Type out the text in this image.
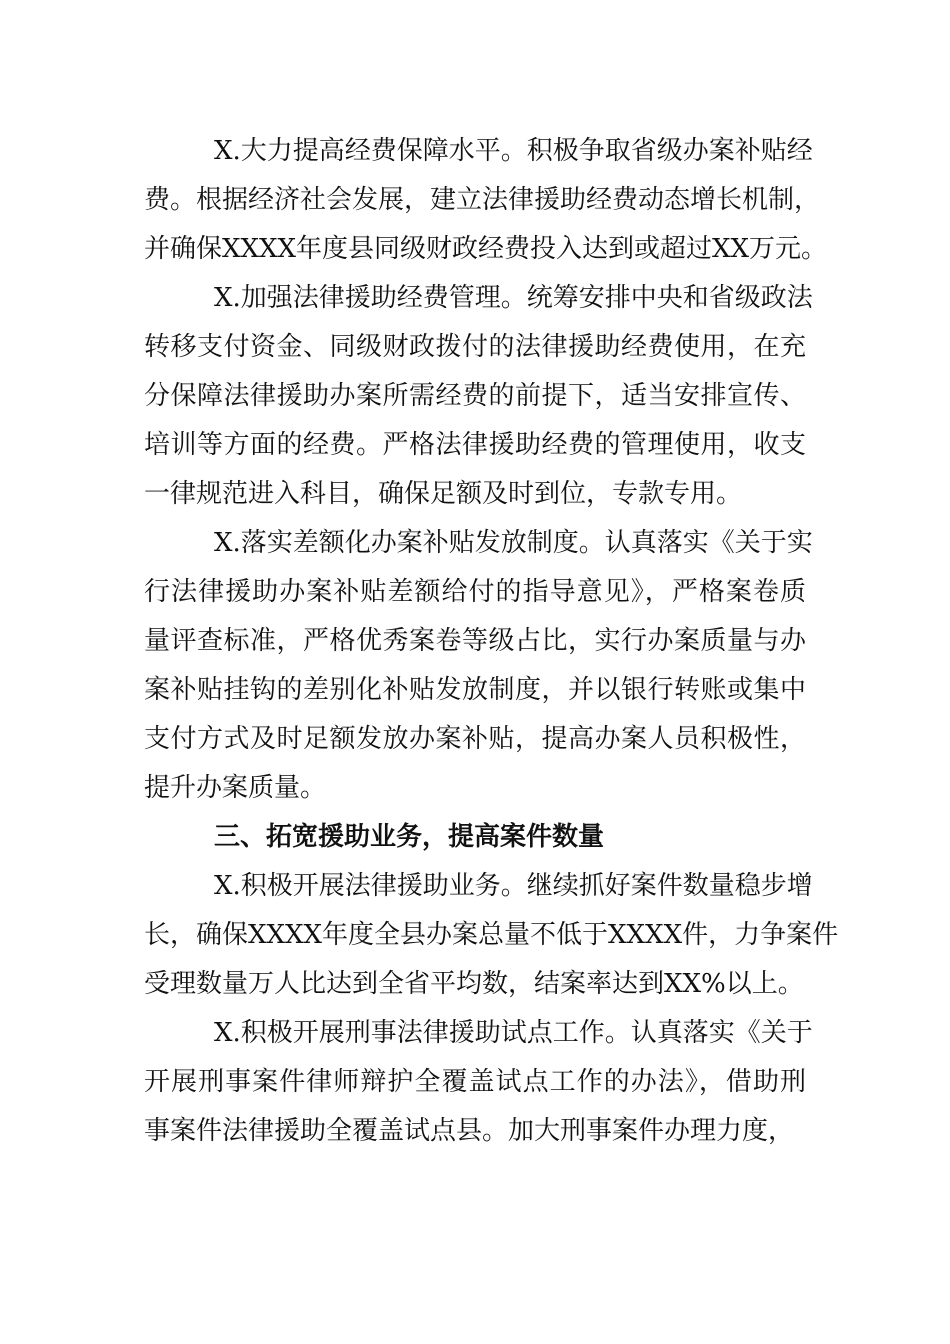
X.大力提高经费保障水平。积极争取省级办案补贴经
费。根据经济社会发展，建立法律援助经费动态增长机制，
并确保XXXX年度县同级财政经费投入达到或超过XX万元。
X.加强法律援助经费管理。统筹安排中央和省级政法
转移支付资金、同级财政拨付的法律援助经费使用，在充
分保障法律援助办案所需经费的前提下，适当安排宣传、
培训等方面的经费。严格法律援助经费的管理使用，收支
一律规范进入科目，确保足额及时到位，专款专用。
X.落实差额化办案补贴发放制度。认真落实《关于实
行法律援助办案补贴差额给付的指导意见》，严格案卷质
量评查标准，严格优秀案卷等级占比，实行办案质量与办
案补贴挂钩的差别化补贴发放制度，并以银行转账或集中
支付方式及时足额发放办案补贴，提高办案人员积极性，
提升办案质量。
三、拓宽援助业务，提高案件数量
X.积极开展法律援助业务。继续抓好案件数量稳步增
长，确保XXXX年度全县办案总量不低于XXXX件，力争案件
受理数量万人比达到全省平均数，结案率达到XX%以上。
X.积极开展刑事法律援助试点工作。认真落实《关于
开展刑事案件律师辩护全覆盖试点工作的办法》，借助刑
事案件法律援助全覆盖试点县。加大刑事案件办理力度，
